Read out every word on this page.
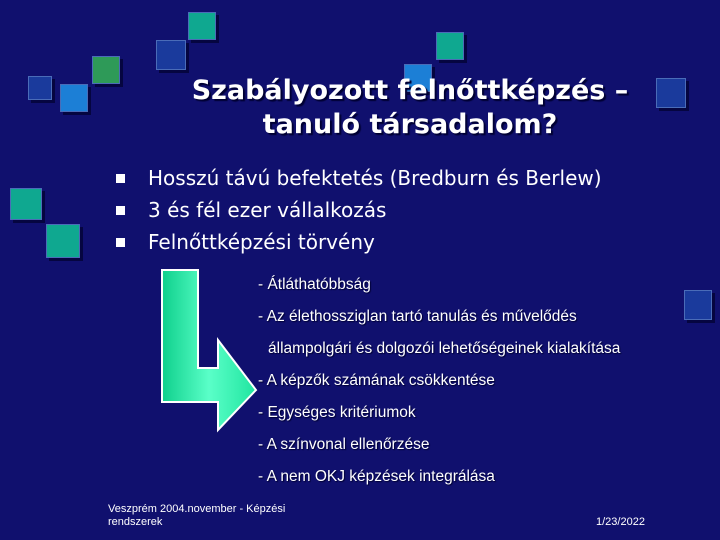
Szabályozott felnőttképzés – tanuló társadalom?
Hosszú távú befektetés (Bredburn és Berlew)
3 és fél ezer vállalkozás
Felnőttképzési törvény
- Átláthatóbbság
- Az élethossziglan tartó tanulás és művelődés
állampolgári és dolgozói lehetőségeinek kialakítása
- A képzők számának csökkentése
- Egységes kritériumok
- A színvonal ellenőrzése
- A nem OKJ képzések integrálása
Veszprém 2004.november - Képzési rendszerek	1/23/2022
